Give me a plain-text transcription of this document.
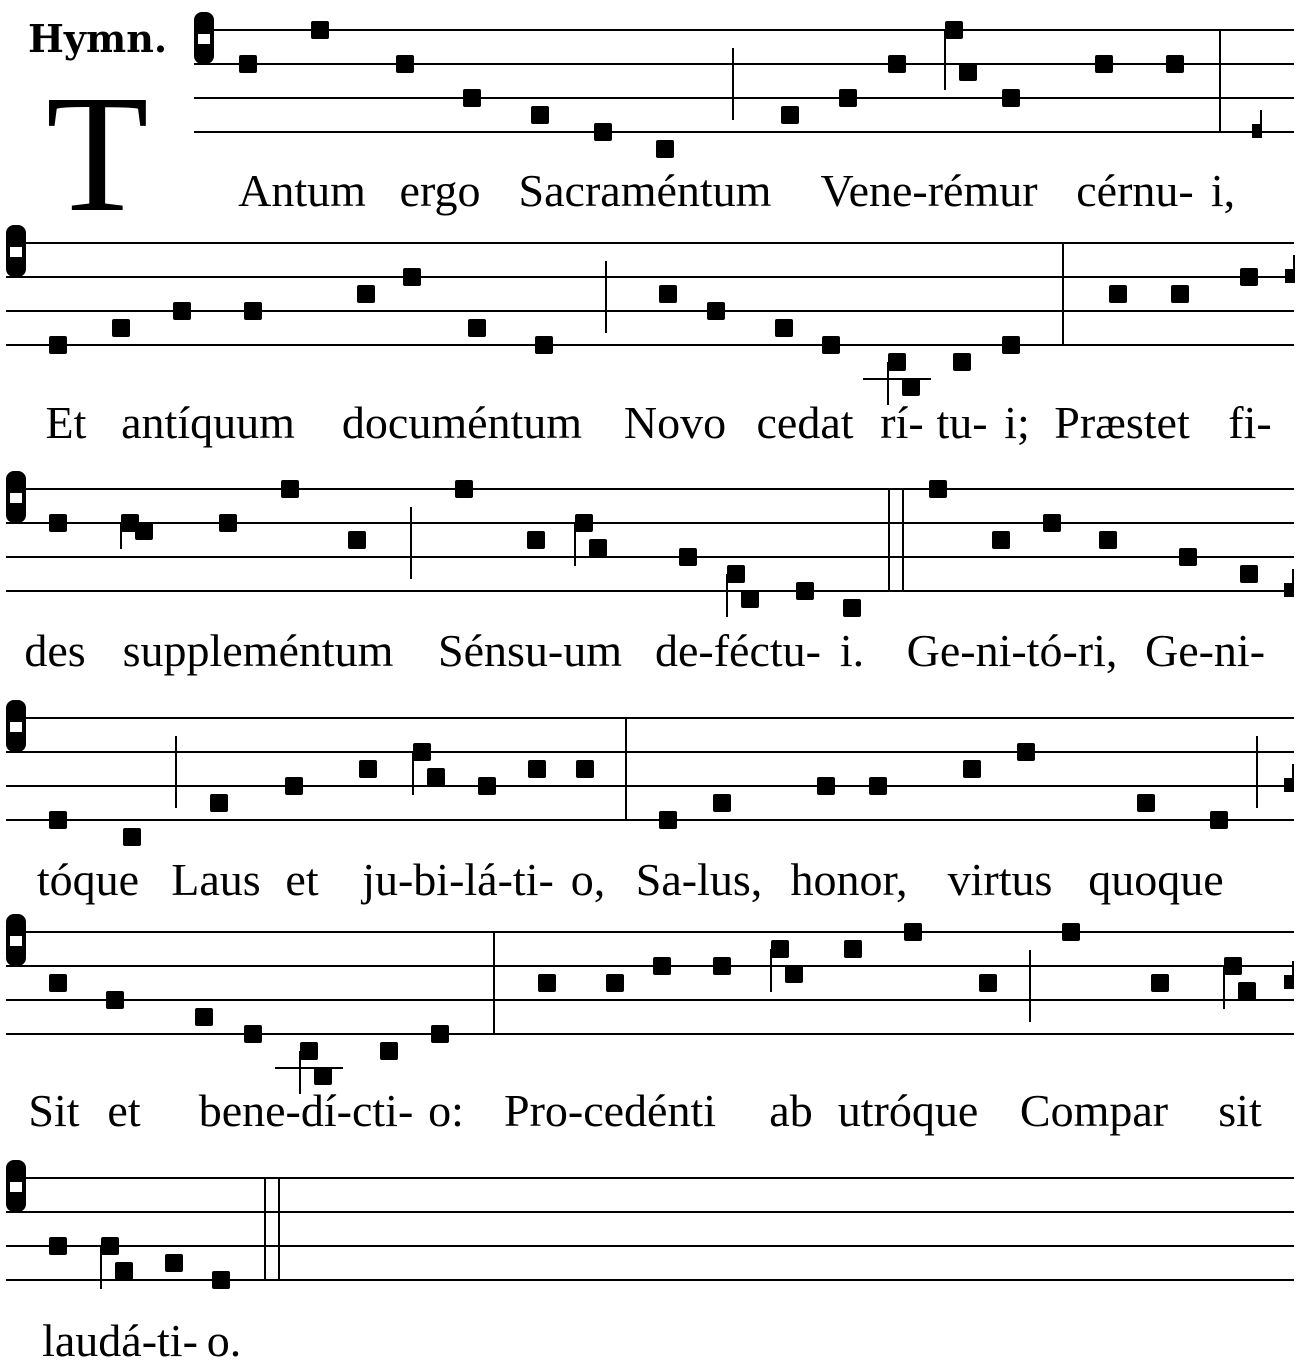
Hymn.
T Antum ergo Sacraméntum Vene-rémur cérnu- i,
Et antíquum documéntum Novo cedat rí- tu- i; Præstet fi-
des suppleméntum Sénsu-um de-féctu- i. Ge-ni-tó-ri, Ge-ni-
tóque Laus et ju-bi-lá-ti- o, Sa-lus, honor, virtus quoque
Sit et bene-dí-cti- o: Pro-cedénti ab utróque Compar sit
laudá-ti- o.
